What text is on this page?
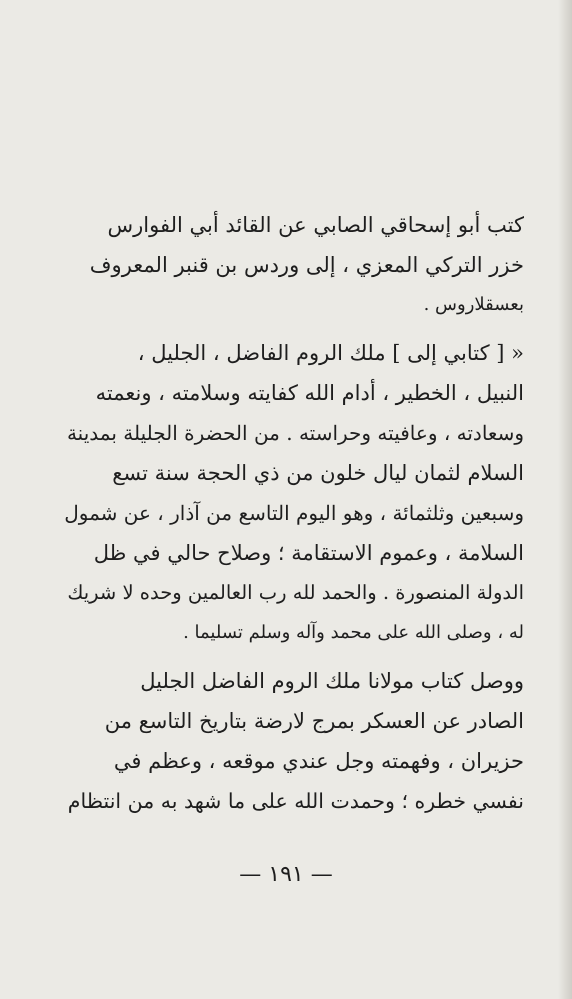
كتب أبو إسحاقي الصابي عن القائد أبي الفوارس
خزر التركي المعزي ، إلى وردس بن قنبر المعروف
بعسقلاروس .
« [ كتابي إلى ] ملك الروم الفاضل ، الجليل ،
النبيل ، الخطير ، أدام الله كفايته وسلامته ، ونعمته
وسعادته ، وعافيته وحراسته . من الحضرة الجليلة بمدينة
السلام لثمان ليال خلون من ذي الحجة سنة تسع
وسبعين وثلثمائة ، وهو اليوم التاسع من آذار ، عن شمول
السلامة ، وعموم الاستقامة ؛ وصلاح حالي في ظل
الدولة المنصورة . والحمد لله رب العالمين وحده لا شريك
له ، وصلى الله على محمد وآله وسلم تسليما .
ووصل كتاب مولانا ملك الروم الفاضل الجليل
الصادر عن العسكر بمرج لارضة بتاريخ التاسع من
حزيران ، وفهمته وجل عندي موقعه ، وعظم في
نفسي خطره ؛ وحمدت الله على ما شهد به من انتظام
— ١٩١ —
